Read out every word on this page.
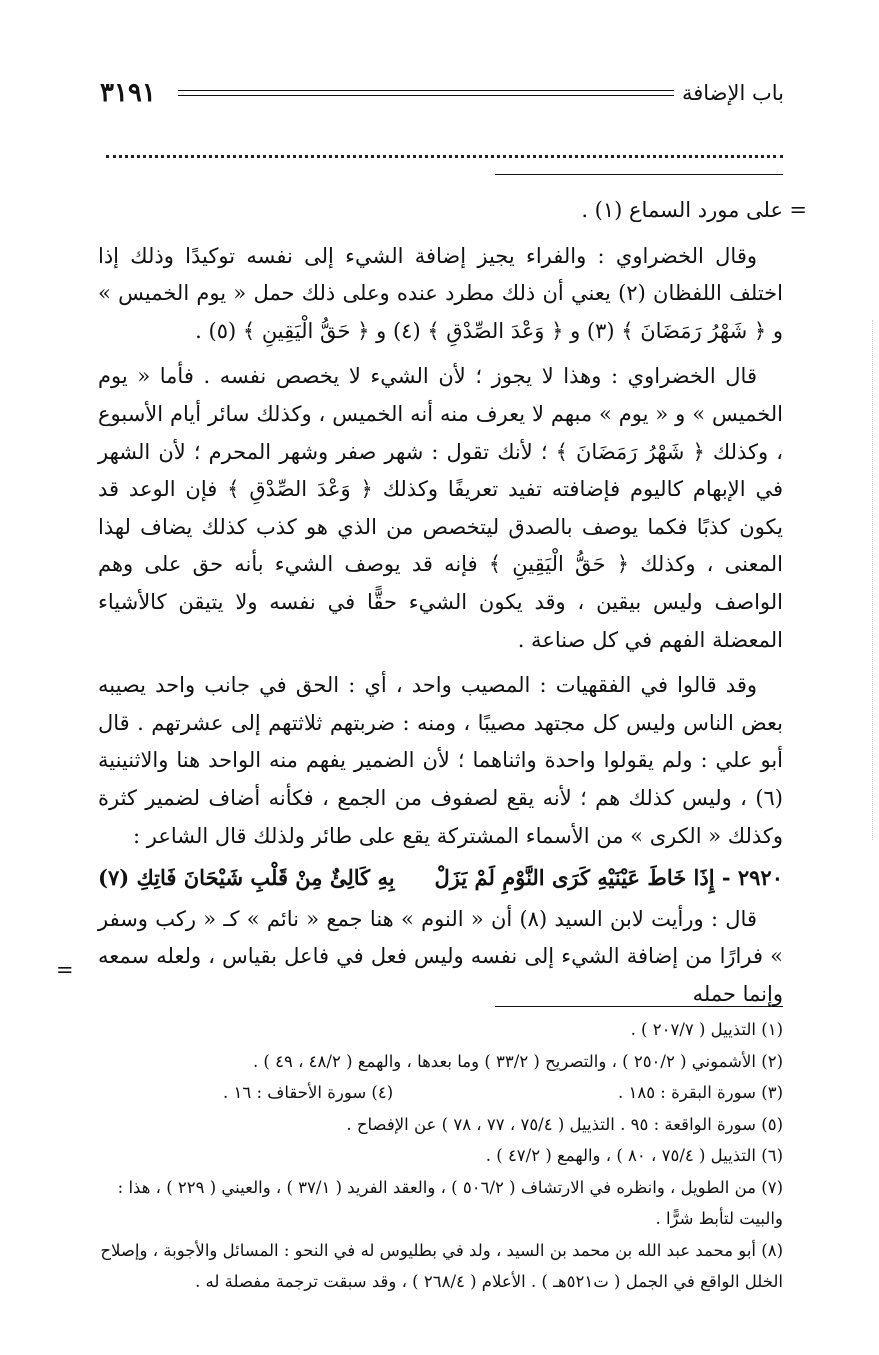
٣١٩١	باب الإضافة

=
على مورد السماع (١) .

وقال الخضراوي : والفراء يجيز إضافة الشيء إلى نفسه توكيدًا وذلك إذا اختلف اللفظان (٢) يعني أن ذلك مطرد عنده وعلى ذلك حمل « يوم الخميس » و ﴿ شَهْرُ رَمَضَانَ ﴾ (٣) و ﴿ وَعْدَ الصِّدْقِ ﴾ (٤) و ﴿ حَقُّ الْيَقِينِ ﴾ (٥) .

قال الخضراوي : وهذا لا يجوز ؛ لأن الشيء لا يخصص نفسه . فأما « يوم الخميس » و « يوم » مبهم لا يعرف منه أنه الخميس ، وكذلك سائر أيام الأسبوع ، وكذلك ﴿ شَهْرُ رَمَضَانَ ﴾ ؛ لأنك تقول : شهر صفر وشهر المحرم ؛ لأن الشهر في الإبهام كاليوم فإضافته تفيد تعريفًا وكذلك ﴿ وَعْدَ الصِّدْقِ ﴾ فإن الوعد قد يكون كذبًا فكما يوصف بالصدق ليتخصص من الذي هو كذب كذلك يضاف لهذا المعنى ، وكذلك ﴿ حَقُّ الْيَقِينِ ﴾ فإنه قد يوصف الشيء بأنه حق على وهم الواصف وليس بيقين ، وقد يكون الشيء حقًّا في نفسه ولا يتيقن كالأشياء المعضلة الفهم في كل صناعة .

وقد قالوا في الفقهيات : المصيب واحد ، أي : الحق في جانب واحد يصيبه بعض الناس وليس كل مجتهد مصيبًا ، ومنه : ضربتهم ثلاثتهم إلى عشرتهم . قال أبو علي : ولم يقولوا واحدة واثناهما ؛ لأن الضمير يفهم منه الواحد هنا والاثنينية (٦) ، وليس كذلك هم ؛ لأنه يقع لصفوف من الجمع ، فكأنه أضاف لضمير كثرة وكذلك « الكرى » من الأسماء المشتركة يقع على طائر ولذلك قال الشاعر :

٢٩٢٠ - إِذَا خَاطَ عَيْنَيْهِ كَرَى النَّوْمِ لَمْ يَزَلْ
بِهِ كَالِئٌ مِنْ قَلْبِ شَيْحَانَ فَاتِكِ (٧)

قال : ورأيت لابن السيد (٨) أن « النوم » هنا جمع « نائم » كـ « ركب وسفر » فرارًا من إضافة الشيء إلى نفسه وليس فعل في فاعل بقياس ، ولعله سمعه وإنما حمله

=

(١) التذييل ( ٢٠٧/٧ ) .

(٢) الأشموني ( ٢٥٠/٢ ) ، والتصريح ( ٣٣/٢ ) وما بعدها ، والهمع ( ٤٨/٢ ، ٤٩ ) .

(٣) سورة البقرة : ١٨٥ .
(٤) سورة الأحقاف : ١٦ .

(٥) سورة الواقعة : ٩٥ . التذييل ( ٧٥/٤ ، ٧٧ ، ٧٨ ) عن الإفصاح .

(٦) التذييل ( ٧٥/٤ ، ٨٠ ) ، والهمع ( ٤٧/٢ ) .

(٧) من الطويل ، وانظره في الارتشاف ( ٥٠٦/٢ ) ، والعقد الفريد ( ٣٧/١ ) ، والعيني ( ٢٢٩ ) ، هذا : والبيت لتأبط شرًّا .

(٨) أبو محمد عبد الله بن محمد بن السيد ، ولد في بطليوس له في النحو : المسائل والأجوبة ، وإصلاح الخلل الواقع في الجمل ( ت٥٢١هـ ) . الأعلام ( ٢٦٨/٤ ) ، وقد سبقت ترجمة مفصلة له .
